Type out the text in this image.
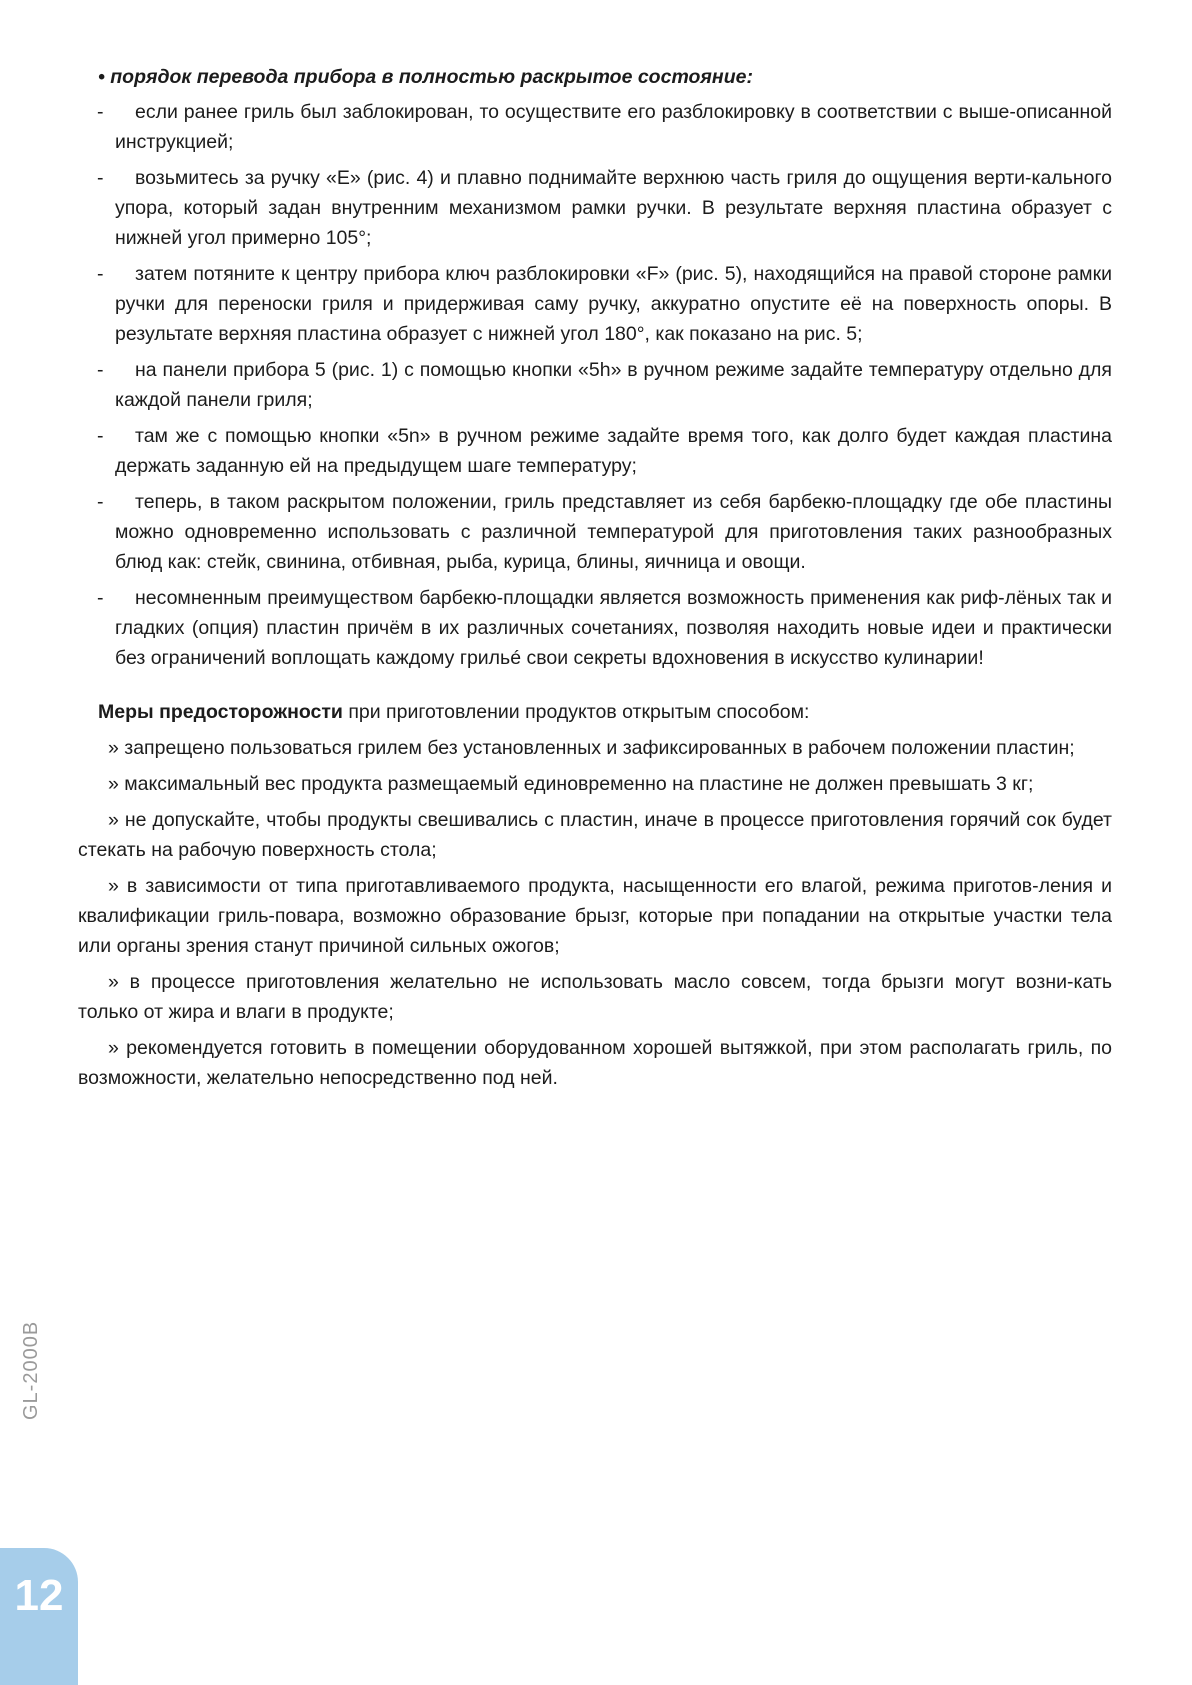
• порядок перевода прибора в полностью раскрытое состояние:

- если ранее гриль был заблокирован, то осуществите его разблокировку в соответствии с выше-описанной инструкцией;
- возьмитесь за ручку «E» (рис. 4) и плавно поднимайте верхнюю часть гриля до ощущения верти-кального упора, который задан внутренним механизмом рамки ручки. В результате верхняя пластина образует с нижней угол примерно 105°;
- затем потяните к центру прибора ключ разблокировки «F» (рис. 5), находящийся на правой стороне рамки ручки для переноски гриля и придерживая саму ручку, аккуратно опустите её на поверхность опоры. В результате верхняя пластина образует с нижней угол 180°, как показано на рис. 5;
- на панели прибора 5 (рис. 1) с помощью кнопки «5h» в ручном режиме задайте температуру отдельно для каждой панели гриля;
- там же с помощью кнопки «5n» в ручном режиме задайте время того, как долго будет каждая пластина держать заданную ей на предыдущем шаге температуру;
- теперь, в таком раскрытом положении, гриль представляет из себя барбекю-площадку где обе пластины можно одновременно использовать с различной температурой для приготовления таких разнообразных блюд как: стейк, свинина, отбивная, рыба, курица, блины, яичница и овощи.
- несомненным преимуществом барбекю-площадки является возможность применения как риф-лёных так и гладких (опция) пластин причём в их различных сочетаниях, позволяя находить новые идеи и практически без ограничений воплощать каждому грильé свои секреты вдохновения в искусство кулинарии!

Меры предосторожности при приготовлении продуктов открытым способом:

» запрещено пользоваться грилем без установленных и зафиксированных в рабочем положении пластин;

» максимальный вес продукта размещаемый единовременно на пластине не должен превышать 3 кг;

» не допускайте, чтобы продукты свешивались с пластин, иначе в процессе приготовления горячий сок будет стекать на рабочую поверхность стола;

» в зависимости от типа приготавливаемого продукта, насыщенности его влагой, режима приготов-ления и квалификации гриль-повара, возможно образование брызг, которые при попадании на открытые участки тела или органы зрения станут причиной сильных ожогов;

» в процессе приготовления желательно не использовать масло совсем, тогда брызги могут возни-кать только от жира и влаги в продукте;

» рекомендуется готовить в помещении оборудованном хорошей вытяжкой, при этом располагать гриль, по возможности, желательно непосредственно под ней.

GL-2000B
12
